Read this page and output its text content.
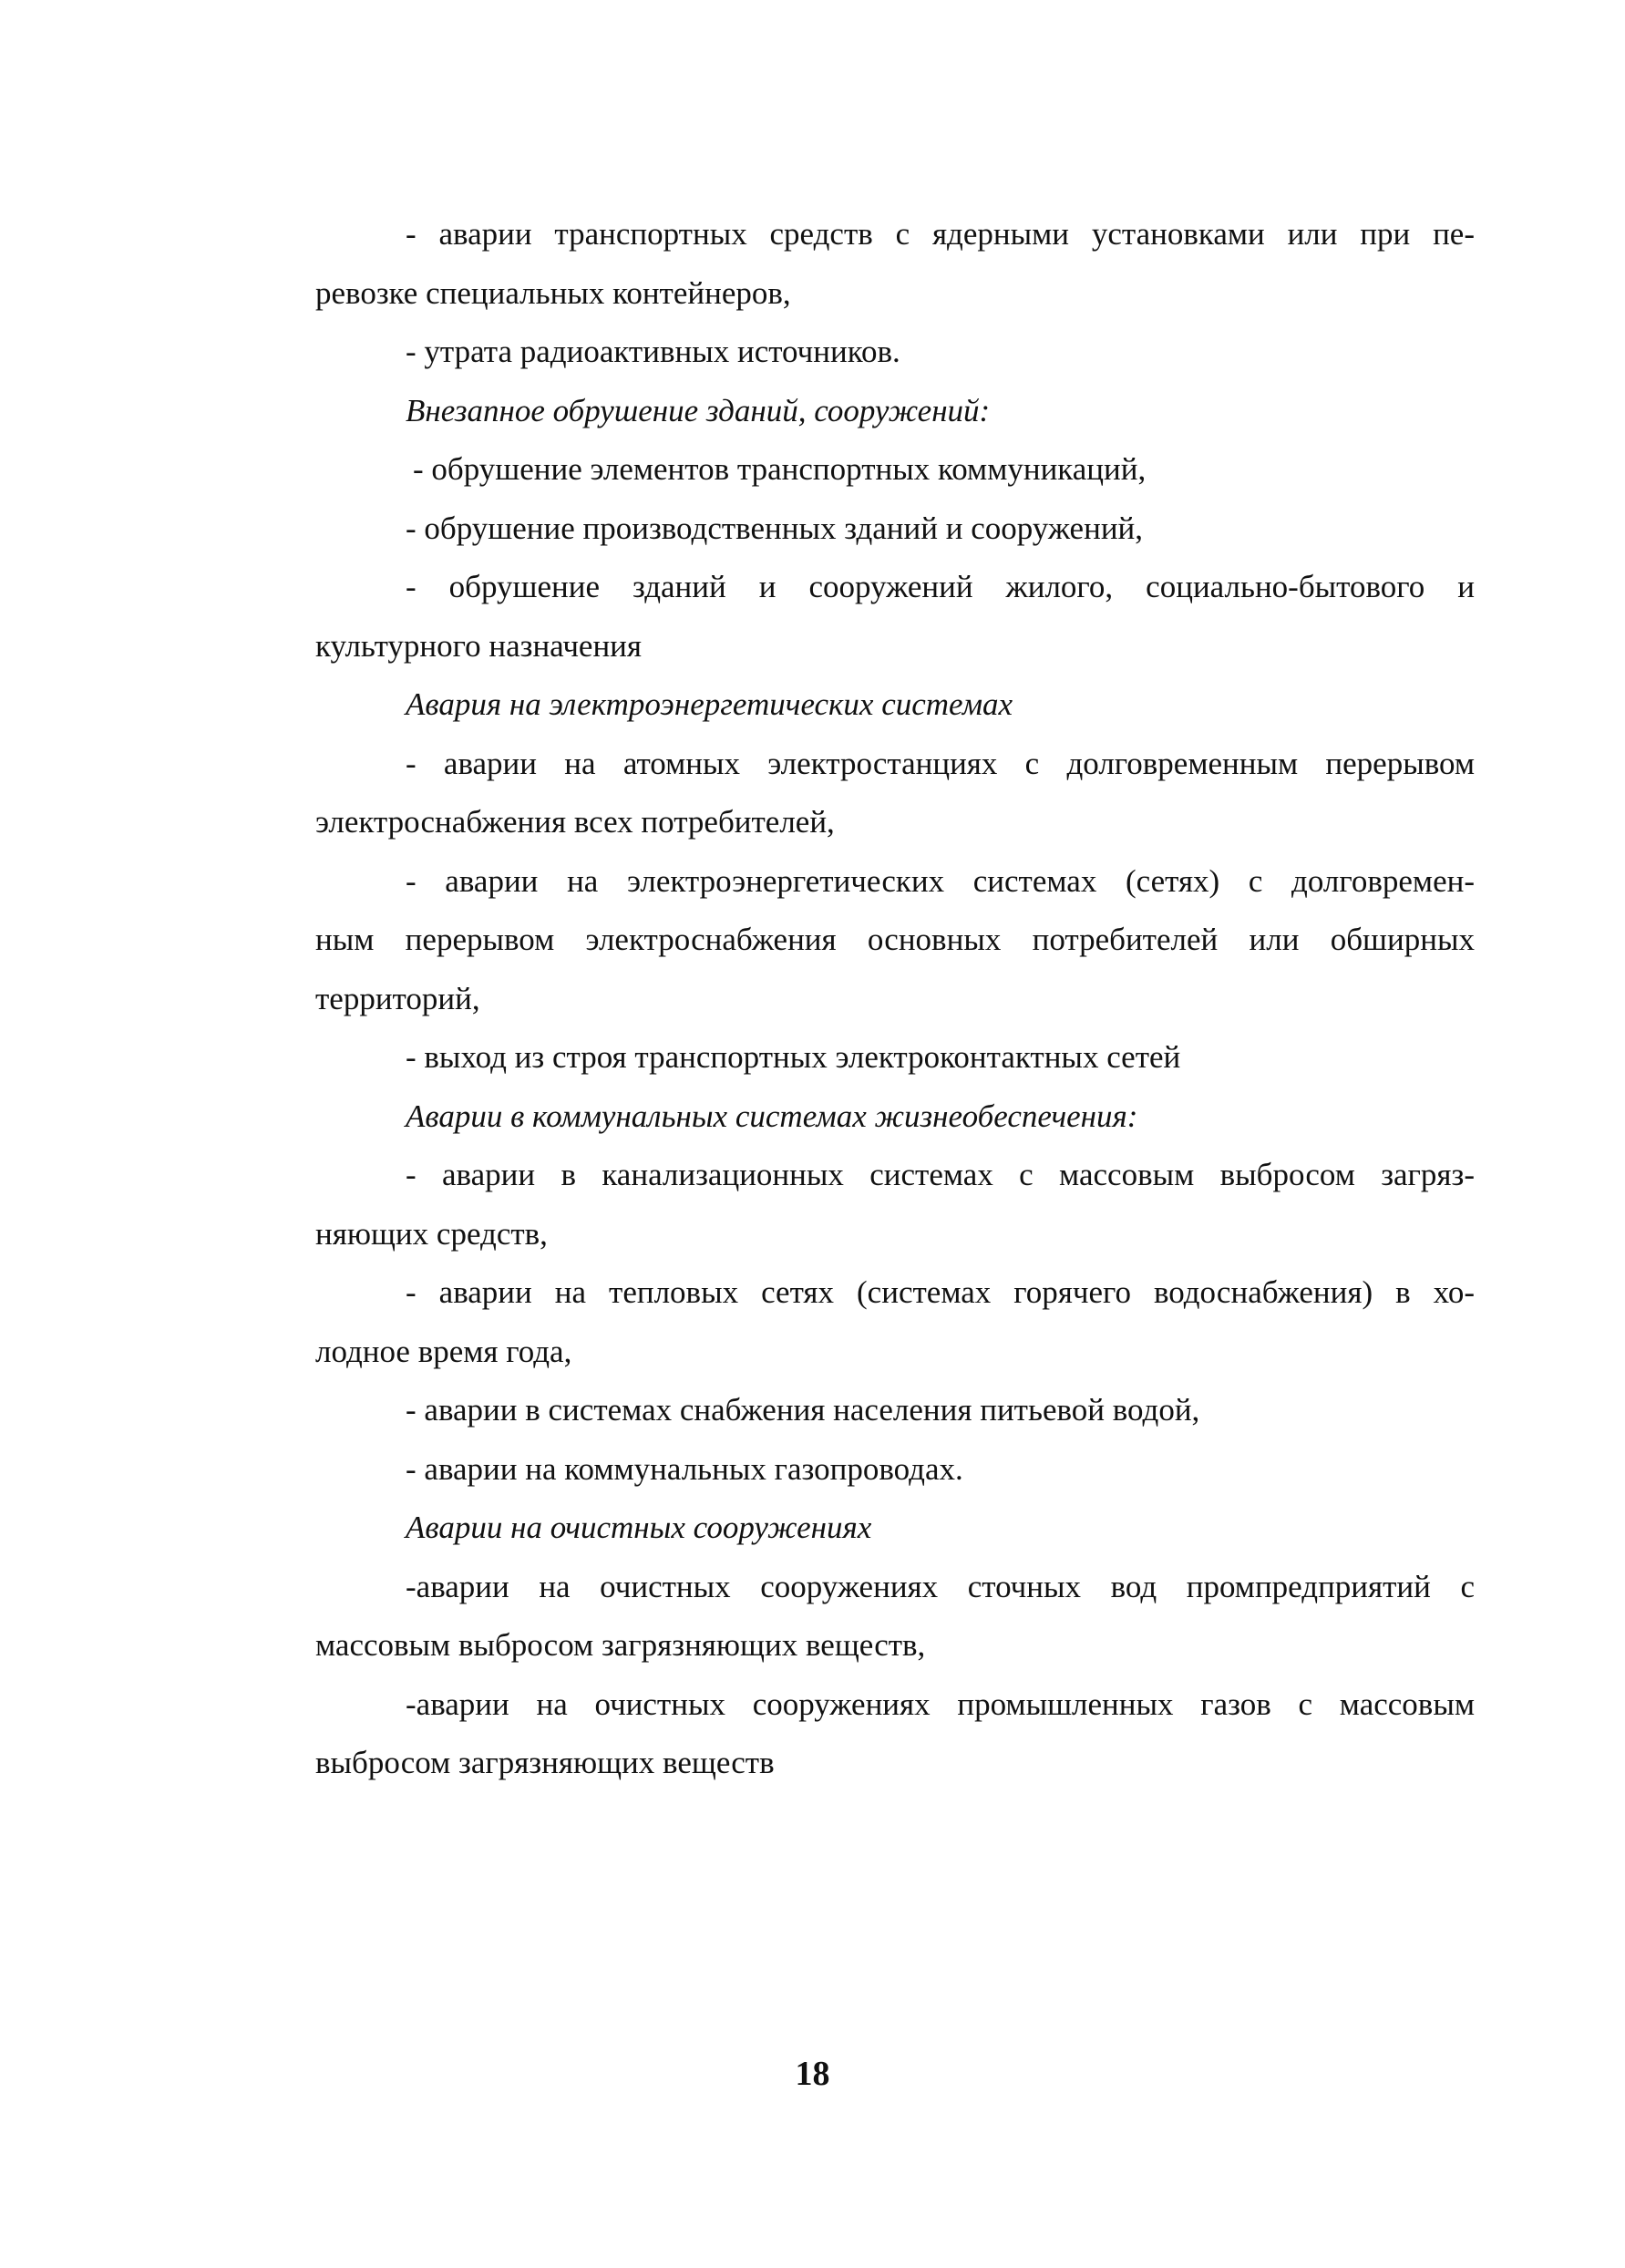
- аварии транспортных средств с ядерными установками или при пе-
ревозке специальных контейнеров,
- утрата радиоактивных источников.
Внезапное обрушение зданий, сооружений:
- обрушение элементов транспортных коммуникаций,
- обрушение производственных зданий и сооружений,
- обрушение зданий и сооружений жилого, социально-бытового и
культурного назначения
Авария на электроэнергетических системах
- аварии на атомных электростанциях с долговременным перерывом
электроснабжения всех потребителей,
- аварии на электроэнергетических системах (сетях) с долговремен-
ным перерывом электроснабжения основных потребителей или обширных
территорий,
- выход из строя транспортных электроконтактных сетей
Аварии в коммунальных системах жизнеобеспечения:
- аварии в канализационных системах с массовым выбросом загряз-
няющих средств,
- аварии на тепловых сетях (системах горячего водоснабжения) в хо-
лодное время года,
- аварии в системах снабжения населения питьевой водой,
- аварии на коммунальных газопроводах.
Аварии на очистных сооружениях
-аварии на очистных сооружениях сточных вод промпредприятий с
массовым выбросом загрязняющих веществ,
-аварии на очистных сооружениях промышленных газов с массовым
выбросом загрязняющих веществ
18
